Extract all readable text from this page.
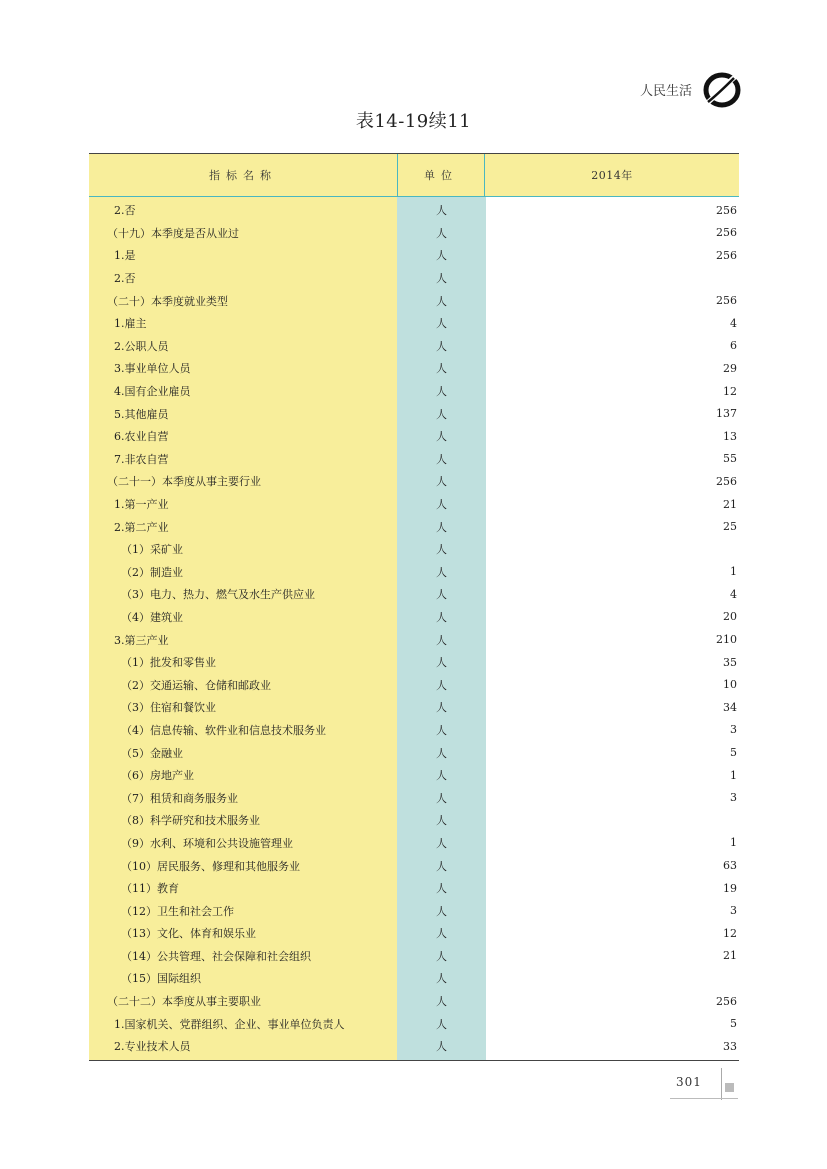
人民生活
表14-19续11
指标名称	单位	2014年
2.否	人	256
（十九）本季度是否从业过	人	256
1.是	人	256
2.否	人
（二十）本季度就业类型	人	256
1.雇主	人	4
2.公职人员	人	6
3.事业单位人员	人	29
4.国有企业雇员	人	12
5.其他雇员	人	137
6.农业自营	人	13
7.非农自营	人	55
（二十一）本季度从事主要行业	人	256
1.第一产业	人	21
2.第二产业	人	25
（1）采矿业	人
（2）制造业	人	1
（3）电力、热力、燃气及水生产供应业	人	4
（4）建筑业	人	20
3.第三产业	人	210
（1）批发和零售业	人	35
（2）交通运输、仓储和邮政业	人	10
（3）住宿和餐饮业	人	34
（4）信息传输、软件业和信息技术服务业	人	3
（5）金融业	人	5
（6）房地产业	人	1
（7）租赁和商务服务业	人	3
（8）科学研究和技术服务业	人
（9）水利、环境和公共设施管理业	人	1
（10）居民服务、修理和其他服务业	人	63
（11）教育	人	19
（12）卫生和社会工作	人	3
（13）文化、体育和娱乐业	人	12
（14）公共管理、社会保障和社会组织	人	21
（15）国际组织	人
（二十二）本季度从事主要职业	人	256
1.国家机关、党群组织、企业、事业单位负责人	人	5
2.专业技术人员	人	33
301
